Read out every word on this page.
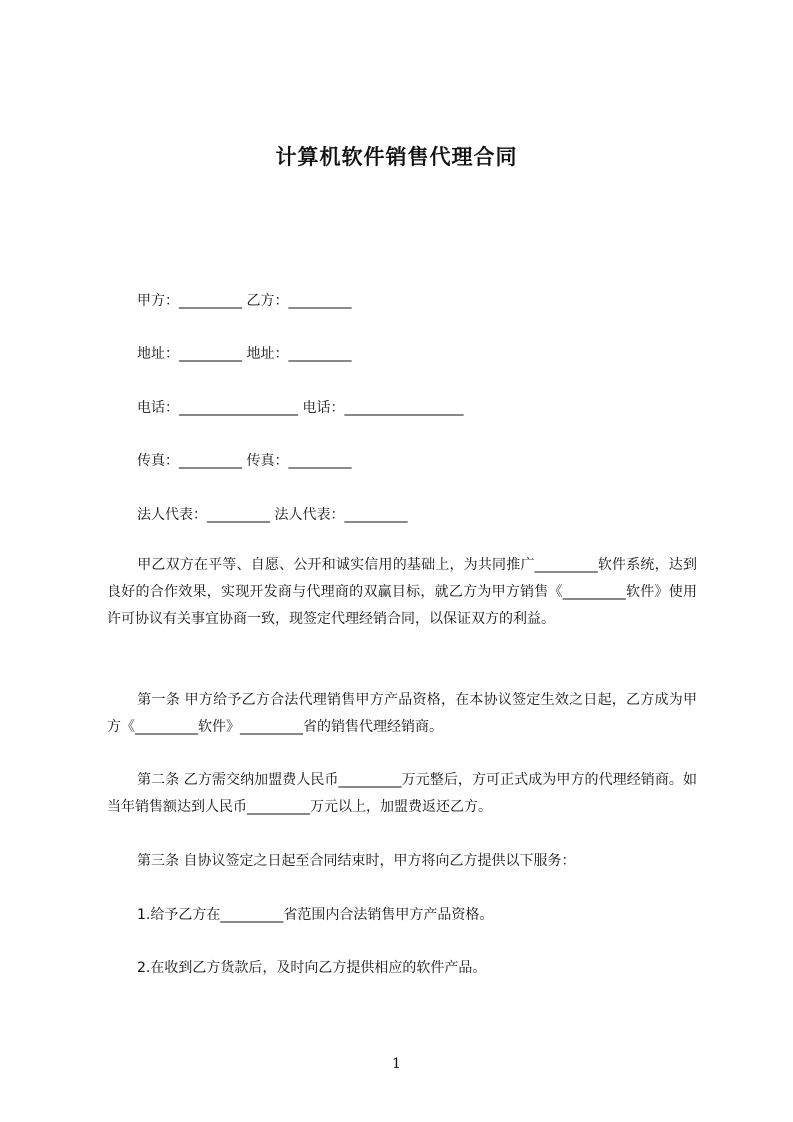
计算机软件销售代理合同
甲方：_________ 乙方：_________
地址：_________ 地址：_________
电话：_________________ 电话：_________________
传真：_________ 传真：_________
法人代表：_________ 法人代表：_________
甲乙双方在平等、自愿、公开和诚实信用的基础上，为共同推广_________软件系统，达到良好的合作效果，实现开发商与代理商的双赢目标，就乙方为甲方销售《_________软件》使用许可协议有关事宜协商一致，现签定代理经销合同，以保证双方的利益。
第一条 甲方给予乙方合法代理销售甲方产品资格，在本协议签定生效之日起，乙方成为甲方《_________软件》_________省的销售代理经销商。
第二条 乙方需交纳加盟费人民币_________万元整后，方可正式成为甲方的代理经销商。如当年销售额达到人民币_________万元以上，加盟费返还乙方。
第三条 自协议签定之日起至合同结束时，甲方将向乙方提供以下服务：
1.给予乙方在_________省范围内合法销售甲方产品资格。
2.在收到乙方货款后，及时向乙方提供相应的软件产品。
1
